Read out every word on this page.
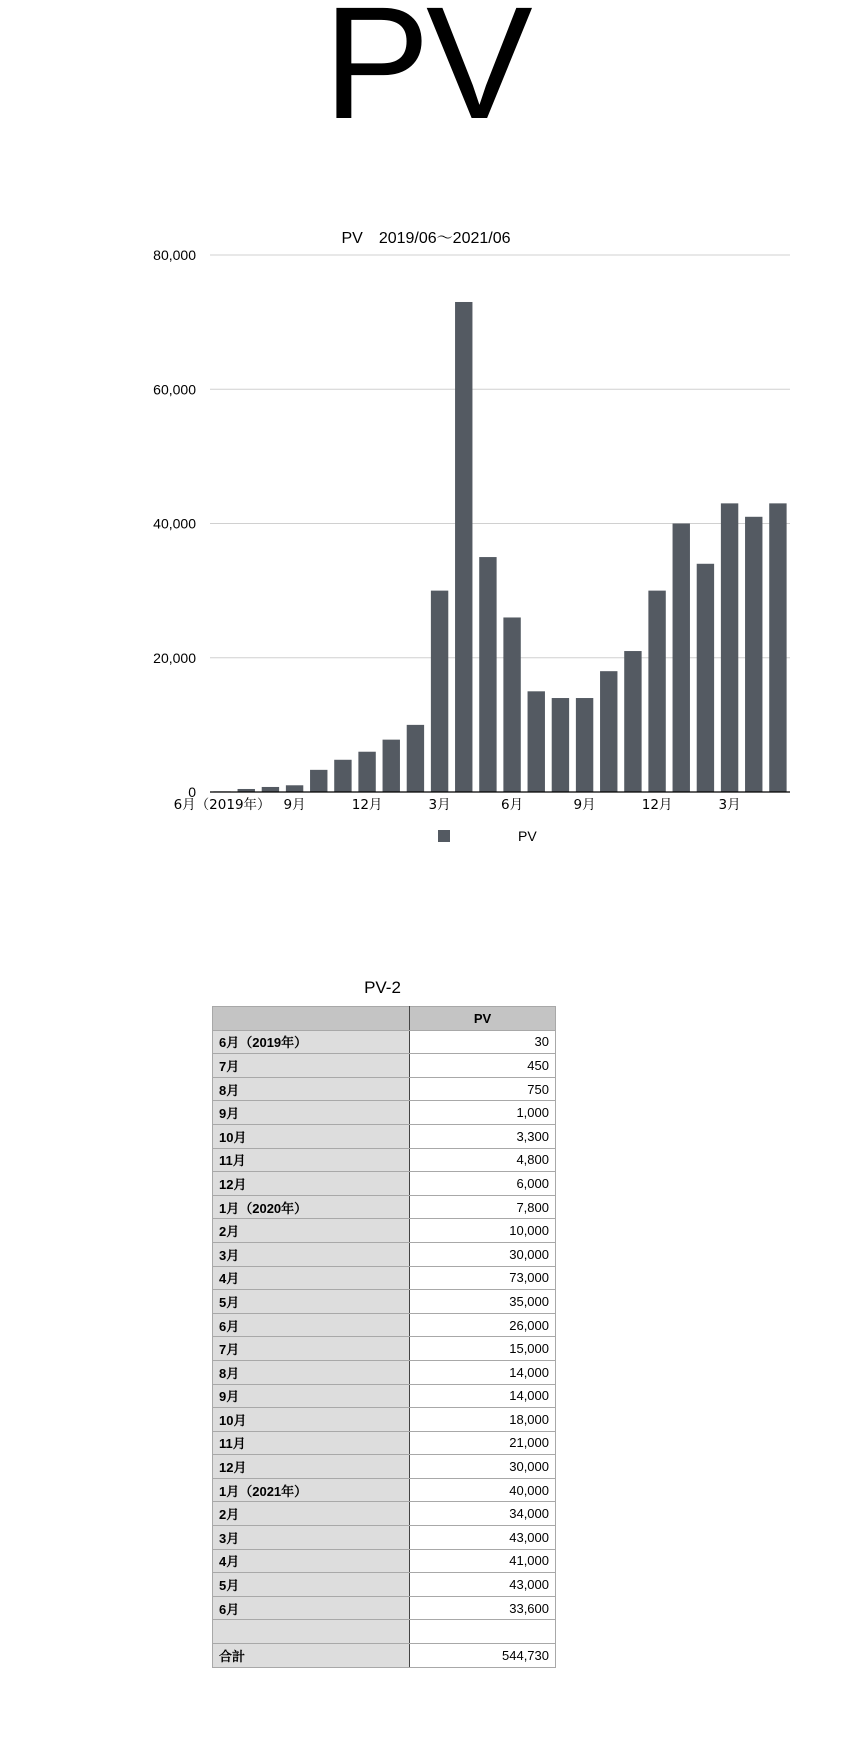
PV
PV　2019/06〜2021/06
0
20,000
40,000
60,000
80,000
6月（2019年） 9月	12月	3月	6月	9月	12月	3月
PV
PV-2
	PV
6月（2019年）	30
7月	450
8月	750
9月	1,000
10月	3,300
11月	4,800
12月	6,000
1月（2020年）	7,800
2月	10,000
3月	30,000
4月	73,000
5月	35,000
6月	26,000
7月	15,000
8月	14,000
9月	14,000
10月	18,000
11月	21,000
12月	30,000
1月（2021年）	40,000
2月	34,000
3月	43,000
4月	41,000
5月	43,000
6月	33,600

合計	544,730
